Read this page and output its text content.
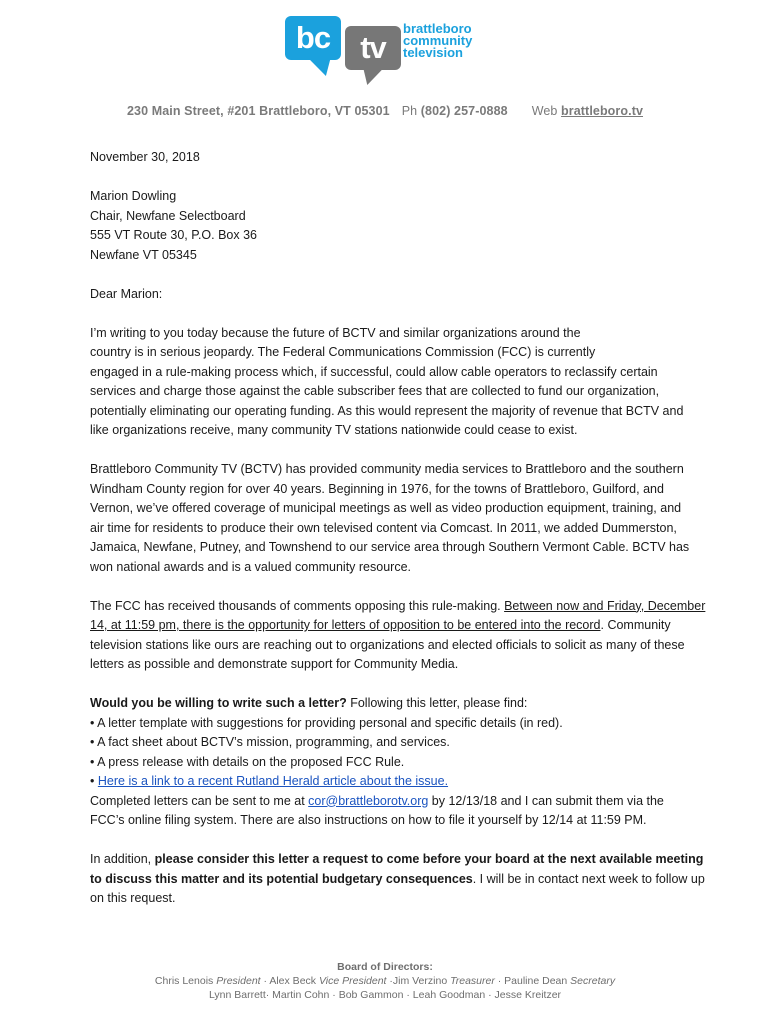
bc tv
brattleboro
community
television
230 Main Street, #201 Brattleboro, VT 05301 Ph (802) 257-0888 Web brattleboro.tv

November 30, 2018

Marion Dowling
Chair, Newfane Selectboard
555 VT Route 30, P.O. Box 36
Newfane VT 05345

Dear Marion:

I’m writing to you today because the future of BCTV and similar organizations around the
country is in serious jeopardy. The Federal Communications Commission (FCC) is currently
engaged in a rule-making process which, if successful, could allow cable operators to reclassify certain
services and charge those against the cable subscriber fees that are collected to fund our organization,
potentially eliminating our operating funding. As this would represent the majority of revenue that BCTV and
like organizations receive, many community TV stations nationwide could cease to exist.

Brattleboro Community TV (BCTV) has provided community media services to Brattleboro and the southern
Windham County region for over 40 years. Beginning in 1976, for the towns of Brattleboro, Guilford, and
Vernon, we’ve offered coverage of municipal meetings as well as video production equipment, training, and
air time for residents to produce their own televised content via Comcast. In 2011, we added Dummerston,
Jamaica, Newfane, Putney, and Townshend to our service area through Southern Vermont Cable. BCTV has
won national awards and is a valued community resource.

The FCC has received thousands of comments opposing this rule-making. Between now and Friday, December
14, at 11:59 pm, there is the opportunity for letters of opposition to be entered into the record. Community
television stations like ours are reaching out to organizations and elected officials to solicit as many of these
letters as possible and demonstrate support for Community Media.

Would you be willing to write such a letter? Following this letter, please find:
• A letter template with suggestions for providing personal and specific details (in red).
• A fact sheet about BCTV’s mission, programming, and services.
• A press release with details on the proposed FCC Rule.
• Here is a link to a recent Rutland Herald article about the issue.
Completed letters can be sent to me at cor@brattleborotv.org by 12/13/18 and I can submit them via the
FCC’s online filing system. There are also instructions on how to file it yourself by 12/14 at 11:59 PM.

In addition, please consider this letter a request to come before your board at the next available meeting
to discuss this matter and its potential budgetary consequences. I will be in contact next week to follow up
on this request.

Board of Directors:
Chris Lenois President · Alex Beck Vice President ·Jim Verzino Treasurer · Pauline Dean Secretary
Lynn Barrett· Martin Cohn · Bob Gammon · Leah Goodman · Jesse Kreitzer
